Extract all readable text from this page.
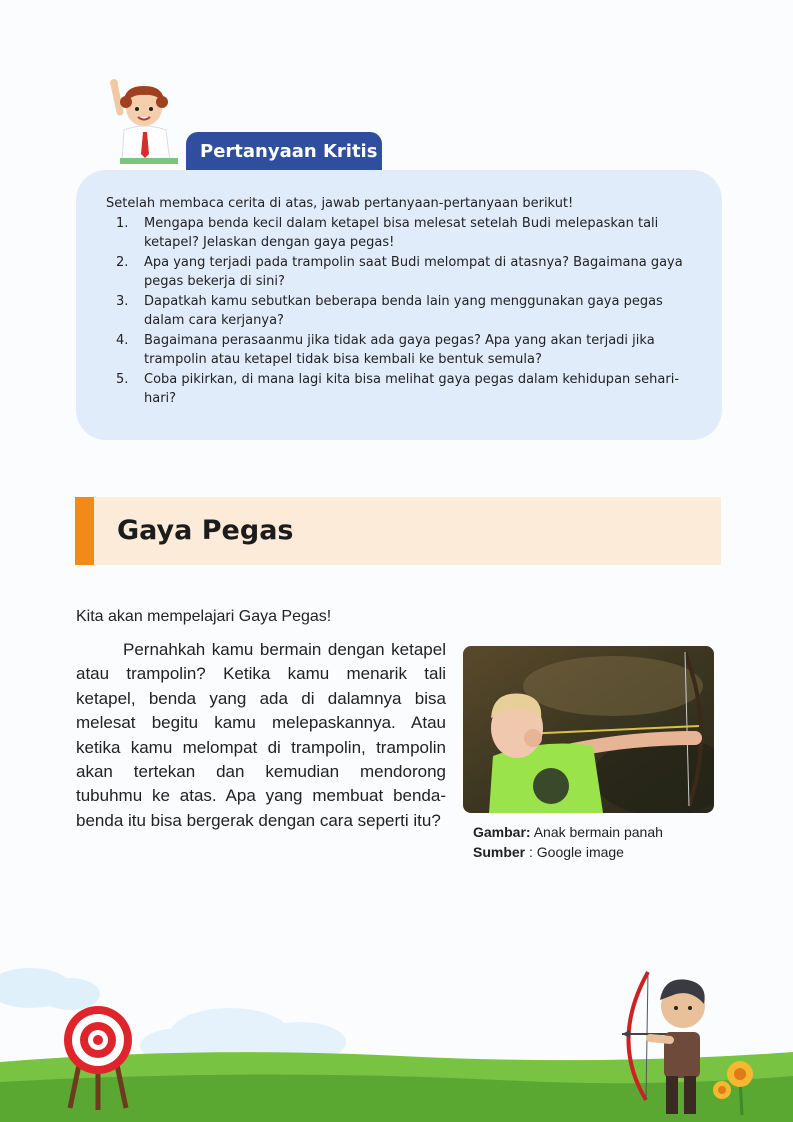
Pertanyaan Kritis

Setelah membaca cerita di atas, jawab pertanyaan-pertanyaan berikut!

1. Mengapa benda kecil dalam ketapel bisa melesat setelah Budi melepaskan tali ketapel? Jelaskan dengan gaya pegas!
2. Apa yang terjadi pada trampolin saat Budi melompat di atasnya? Bagaimana gaya pegas bekerja di sini?
3. Dapatkah kamu sebutkan beberapa benda lain yang menggunakan gaya pegas dalam cara kerjanya?
4. Bagaimana perasaanmu jika tidak ada gaya pegas? Apa yang akan terjadi jika trampolin atau ketapel tidak bisa kembali ke bentuk semula?
5. Coba pikirkan, di mana lagi kita bisa melihat gaya pegas dalam kehidupan sehari-hari?
Gaya Pegas

Kita akan mempelajari Gaya Pegas!

Pernahkah kamu bermain dengan ketapel atau trampolin? Ketika kamu menarik tali ketapel, benda yang ada di dalamnya bisa melesat begitu kamu melepaskannya. Atau ketika kamu melompat di trampolin, trampolin akan tertekan dan kemudian mendorong tubuhmu ke atas. Apa yang membuat benda-benda itu bisa bergerak dengan cara seperti itu?

Gambar: Anak bermain panah
Sumber : Google image
